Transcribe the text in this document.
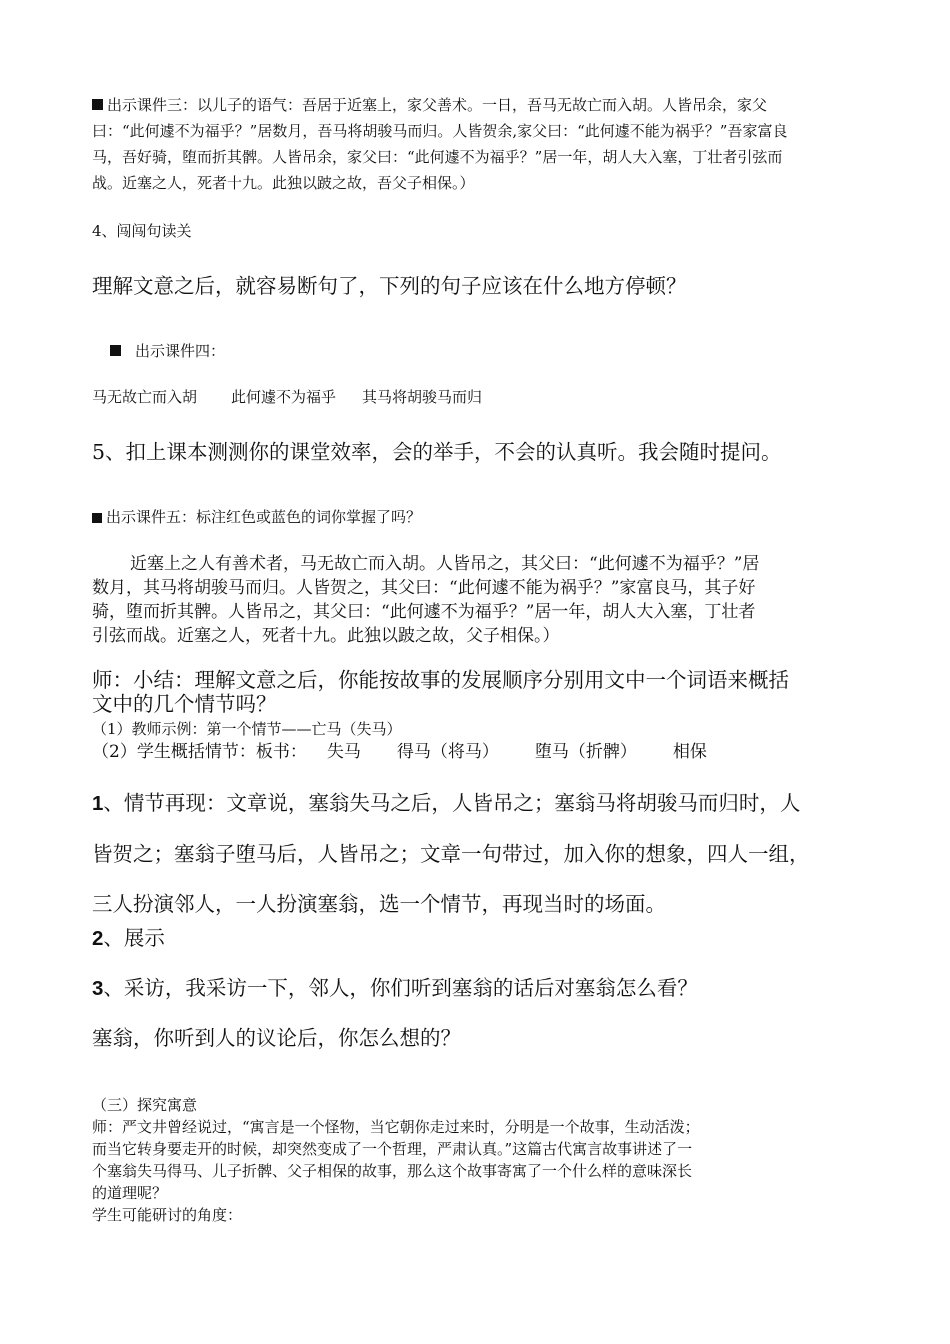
出示课件三：以儿子的语气：吾居于近塞上，家父善术。一日，吾马无故亡而入胡。人皆吊余，家父
曰：“此何遽不为福乎？”居数月，吾马将胡骏马而归。人皆贺余,家父曰：“此何遽不能为祸乎？”吾家富良
马，吾好骑，堕而折其髀。人皆吊余，家父曰：“此何遽不为福乎？”居一年，胡人大入塞，丁壮者引弦而
战。近塞之人，死者十九。此独以跛之故，吾父子相保。）
4、闯闯句读关
理解文意之后，就容易断句了，下列的句子应该在什么地方停顿？
出示课件四：
马无故亡而入胡 此何遽不为福乎 其马将胡骏马而归
5、扣上课本测测你的课堂效率，会的举手，不会的认真听。我会随时提问。
出示课件五：标注红色或蓝色的词你掌握了吗？
近塞上之人有善术者，马无故亡而入胡。人皆吊之，其父曰：“此何遽不为福乎？”居
数月，其马将胡骏马而归。人皆贺之，其父曰：“此何遽不能为祸乎？”家富良马，其子好
骑，堕而折其髀。人皆吊之，其父曰：“此何遽不为福乎？”居一年，胡人大入塞，丁壮者
引弦而战。近塞之人，死者十九。此独以跛之故，父子相保。）
师：小结：理解文意之后，你能按故事的发展顺序分别用文中一个词语来概括
文中的几个情节吗？
（1）教师示例：第一个情节——亡马（失马）
（2）学生概括情节：板书： 失马 得马（将马） 堕马（折髀） 相保
1、情节再现：文章说，塞翁失马之后，人皆吊之；塞翁马将胡骏马而归时，人
皆贺之；塞翁子堕马后，人皆吊之；文章一句带过，加入你的想象，四人一组，
三人扮演邻人，一人扮演塞翁，选一个情节，再现当时的场面。
2、展示
3、采访，我采访一下，邻人，你们听到塞翁的话后对塞翁怎么看？
塞翁，你听到人的议论后，你怎么想的？
（三）探究寓意
师：严文井曾经说过，“寓言是一个怪物，当它朝你走过来时，分明是一个故事，生动活泼；
而当它转身要走开的时候，却突然变成了一个哲理，严肃认真。”这篇古代寓言故事讲述了一
个塞翁失马得马、儿子折髀、父子相保的故事，那么这个故事寄寓了一个什么样的意味深长
的道理呢？
学生可能研讨的角度：
